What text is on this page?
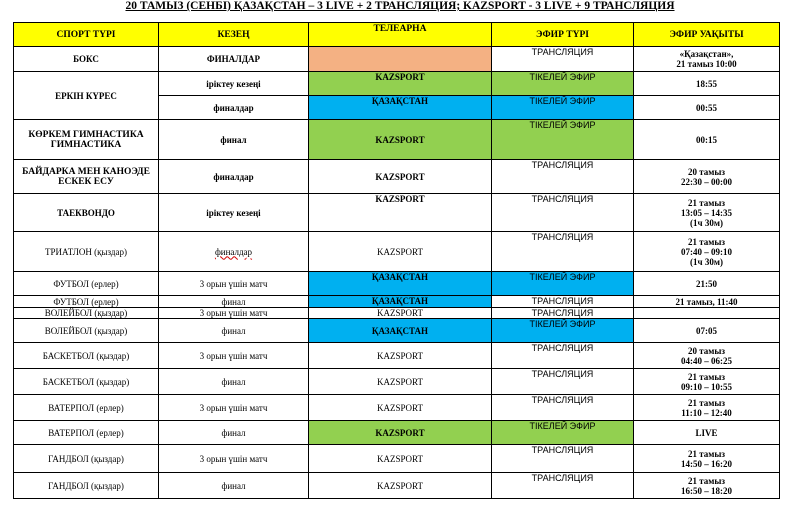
20 ТАМЫЗ (СЕНБІ) ҚАЗАҚСТАН – 3 LIVE + 2 ТРАНСЛЯЦИЯ; KAZSPORT - 3 LIVE + 9 ТРАНСЛЯЦИЯ
СПОРТ ТҮРІ	КЕЗЕҢ	ТЕЛЕАРНА	ЭФИР ТҮРІ	ЭФИР УАҚЫТЫ
БОКС	ФИНАЛДАР		ТРАНСЛЯЦИЯ	«Қазақстан»,
21 тамыз 10:00
ЕРКІН КҮРЕС	іріктеу кезеңі	KAZSPORT	ТІКЕЛЕЙ ЭФИР	18:55
	финалдар	ҚАЗАҚСТАН	ТІКЕЛЕЙ ЭФИР	00:55
КӨРКЕМ ГИМНАСТИКА ГИМНАСТИКА	финал	KAZSPORT	ТІКЕЛЕЙ ЭФИР	00:15
БАЙДАРКА МЕН КАНОЭДЕ ЕСКЕК ЕСУ	финалдар	KAZSPORT	ТРАНСЛЯЦИЯ	20 тамыз
22:30 – 00:00
ТАЕКВОНДО	іріктеу кезеңі	KAZSPORT	ТРАНСЛЯЦИЯ	21 тамыз
13:05 – 14:35
(1ч 30м)
ТРИАТЛОН (қыздар)	финалдар	KAZSPORT	ТРАНСЛЯЦИЯ	21 тамыз
07:40 – 09:10
(1ч 30м)
ФУТБОЛ (ерлер)	3 орын үшін матч	ҚАЗАҚСТАН	ТІКЕЛЕЙ ЭФИР	21:50
ФУТБОЛ (ерлер)	финал	ҚАЗАҚСТАН	ТРАНСЛЯЦИЯ	21 тамыз, 11:40
ВОЛЕЙБОЛ (қыздар)	3 орын үшін матч	KAZSPORT	ТРАНСЛЯЦИЯ	
ВОЛЕЙБОЛ (қыздар)	финал	ҚАЗАҚСТАН	ТІКЕЛЕЙ ЭФИР	07:05
БАСКЕТБОЛ (қыздар)	3 орын үшін матч	KAZSPORT	ТРАНСЛЯЦИЯ	20 тамыз
04:40 – 06:25
БАСКЕТБОЛ (қыздар)	финал	KAZSPORT	ТРАНСЛЯЦИЯ	21 тамыз
09:10 – 10:55
ВАТЕРПОЛ (ерлер)	3 орын үшін матч	KAZSPORT	ТРАНСЛЯЦИЯ	21 тамыз
11:10 – 12:40
ВАТЕРПОЛ (ерлер)	финал	KAZSPORT	ТІКЕЛЕЙ ЭФИР	LIVE
ГАНДБОЛ (қыздар)	3 орын үшін матч	KAZSPORT	ТРАНСЛЯЦИЯ	21 тамыз
14:50 – 16:20
ГАНДБОЛ (қыздар)	финал	KAZSPORT	ТРАНСЛЯЦИЯ	21 тамыз
16:50 – 18:20
